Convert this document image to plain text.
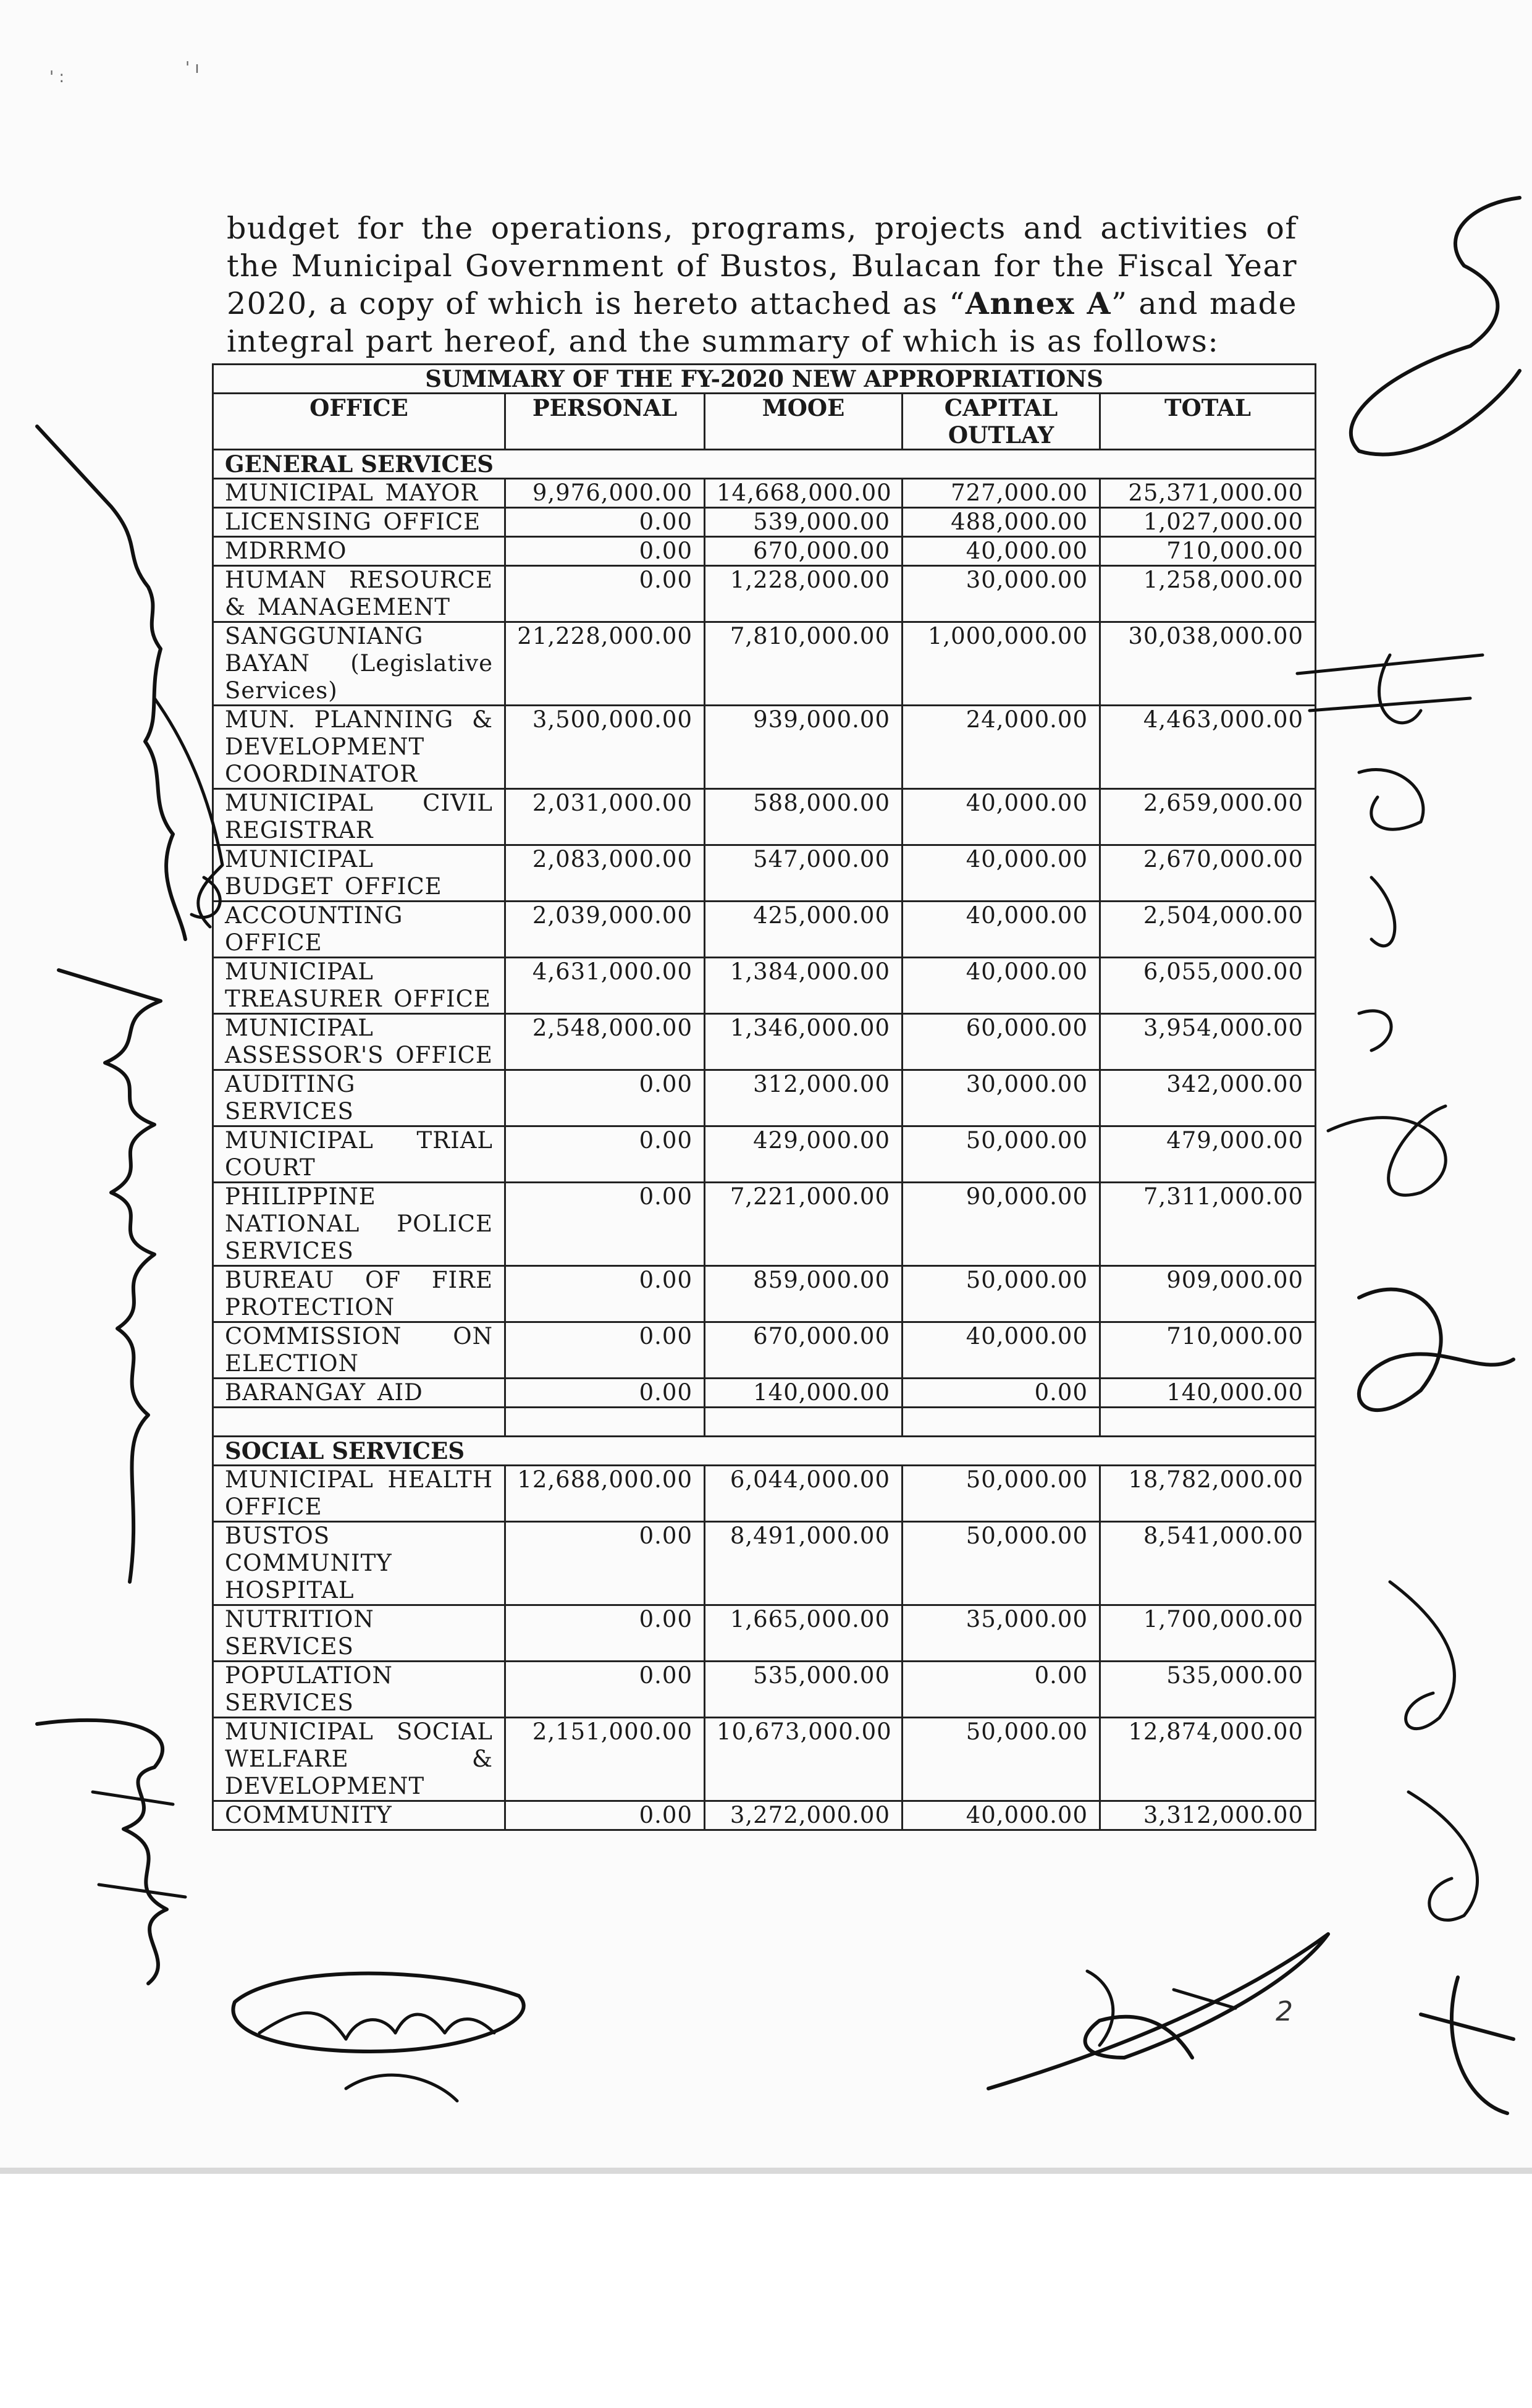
' :	' ı

budget for the operations, programs, projects and activities of the Municipal Government of Bustos, Bulacan for the Fiscal Year 2020, a copy of which is hereto attached as “Annex A” and made integral part hereof, and the summary of which is as follows:

SUMMARY OF THE FY-2020 NEW APPROPRIATIONS				
OFFICE	PERSONAL	MOOE	CAPITAL OUTLAY	TOTAL
GENERAL SERVICES				
MUNICIPAL MAYOR	9,976,000.00	14,668,000.00	727,000.00	25,371,000.00
LICENSING OFFICE	0.00	539,000.00	488,000.00	1,027,000.00
MDRRMO	0.00	670,000.00	40,000.00	710,000.00
HUMAN RESOURCE & MANAGEMENT	0.00	1,228,000.00	30,000.00	1,258,000.00
SANGGUNIANG BAYAN (Legislative Services)	21,228,000.00	7,810,000.00	1,000,000.00	30,038,000.00
MUN. PLANNING & DEVELOPMENT COORDINATOR	3,500,000.00	939,000.00	24,000.00	4,463,000.00
MUNICIPAL CIVIL REGISTRAR	2,031,000.00	588,000.00	40,000.00	2,659,000.00
MUNICIPAL BUDGET OFFICE	2,083,000.00	547,000.00	40,000.00	2,670,000.00
ACCOUNTING OFFICE	2,039,000.00	425,000.00	40,000.00	2,504,000.00
MUNICIPAL TREASURER OFFICE	4,631,000.00	1,384,000.00	40,000.00	6,055,000.00
MUNICIPAL ASSESSOR'S OFFICE	2,548,000.00	1,346,000.00	60,000.00	3,954,000.00
AUDITING SERVICES	0.00	312,000.00	30,000.00	342,000.00
MUNICIPAL TRIAL COURT	0.00	429,000.00	50,000.00	479,000.00
PHILIPPINE NATIONAL POLICE SERVICES	0.00	7,221,000.00	90,000.00	7,311,000.00
BUREAU OF FIRE PROTECTION	0.00	859,000.00	50,000.00	909,000.00
COMMISSION ON ELECTION	0.00	670,000.00	40,000.00	710,000.00
BARANGAY AID	0.00	140,000.00	0.00	140,000.00

SOCIAL SERVICES				
MUNICIPAL HEALTH OFFICE	12,688,000.00	6,044,000.00	50,000.00	18,782,000.00
BUSTOS COMMUNITY HOSPITAL	0.00	8,491,000.00	50,000.00	8,541,000.00
NUTRITION SERVICES	0.00	1,665,000.00	35,000.00	1,700,000.00
POPULATION SERVICES	0.00	535,000.00	0.00	535,000.00
MUNICIPAL SOCIAL WELFARE & DEVELOPMENT	2,151,000.00	10,673,000.00	50,000.00	12,874,000.00
COMMUNITY	0.00	3,272,000.00	40,000.00	3,312,000.00
2
